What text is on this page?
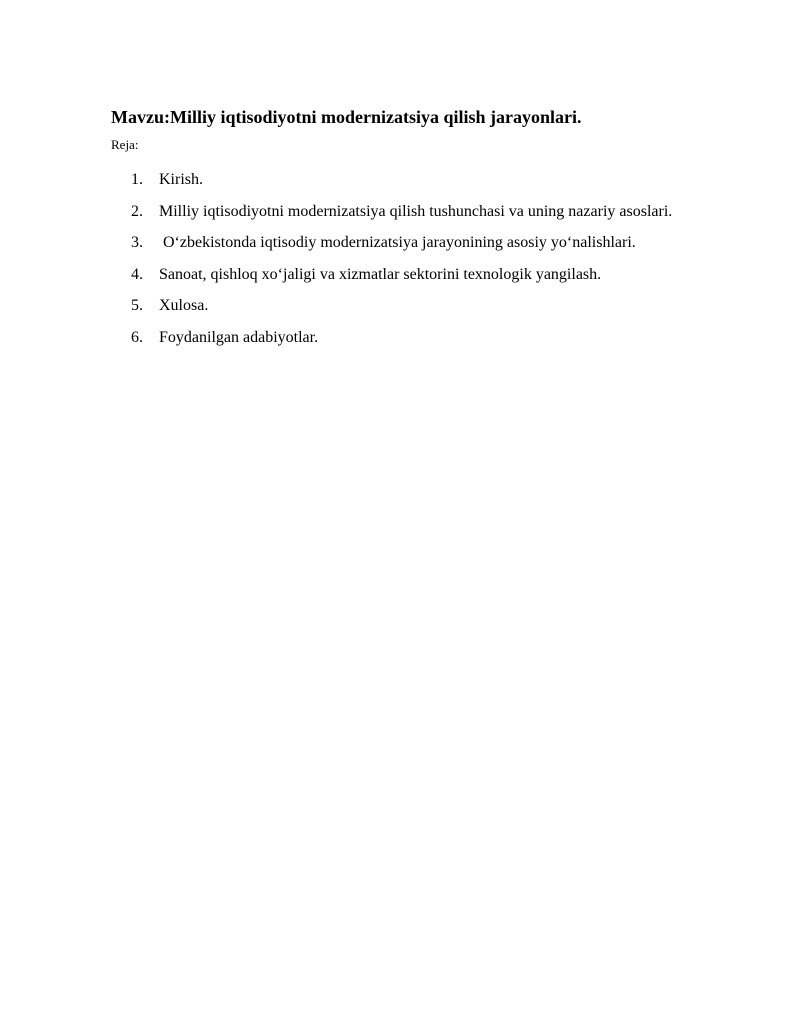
Mavzu:Milliy iqtisodiyotni modernizatsiya qilish jarayonlari.
Reja:
1.	Kirish.
2.	Milliy iqtisodiyotni modernizatsiya qilish tushunchasi va uning nazariy asoslari.
3.	O‘zbekistonda iqtisodiy modernizatsiya jarayonining asosiy yo‘nalishlari.
4.	Sanoat, qishloq xo‘jaligi va xizmatlar sektorini texnologik yangilash.
5.	Xulosa.
6.	Foydanilgan adabiyotlar.
